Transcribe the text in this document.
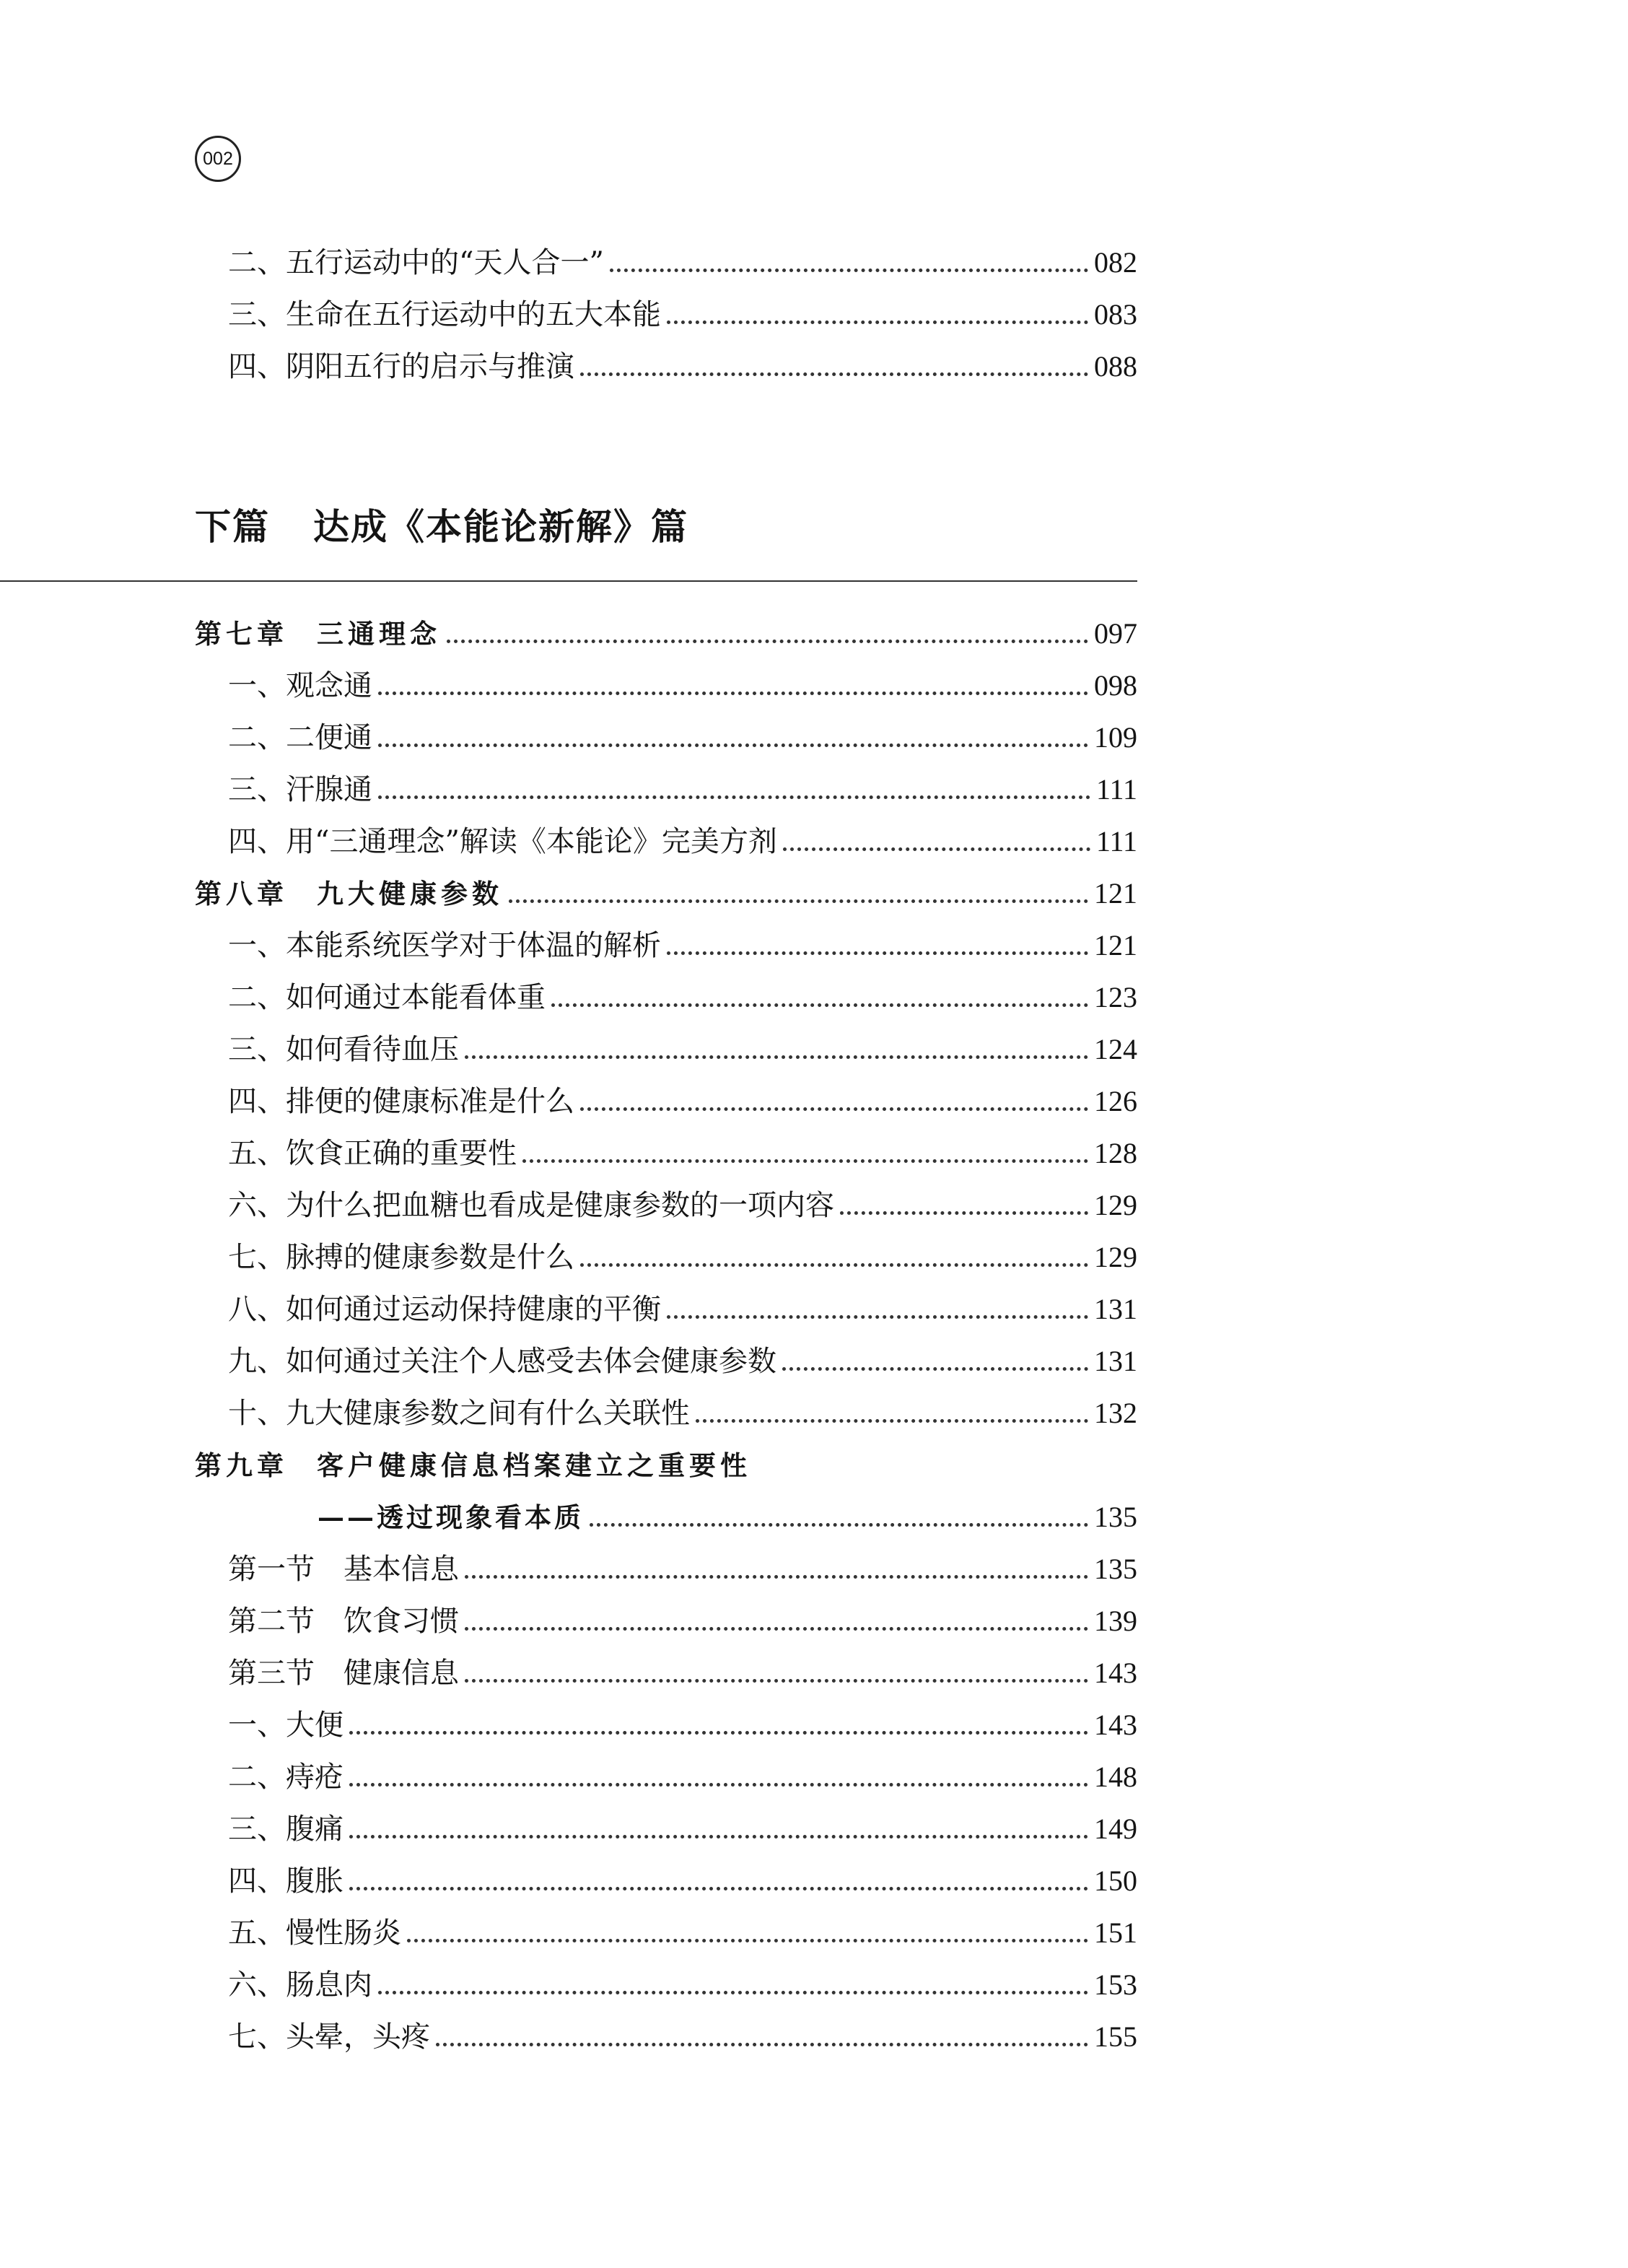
002
二、五行运动中的“天人合一”	082
三、生命在五行运动中的五大本能	083
四、阴阳五行的启示与推演	088
下篇 达成《本能论新解》篇
第七章 三通理念	097
一、观念通	098
二、二便通	109
三、汗腺通	111
四、用“三通理念”解读《本能论》完美方剂	111
第八章 九大健康参数	121
一、本能系统医学对于体温的解析	121
二、如何通过本能看体重	123
三、如何看待血压	124
四、排便的健康标准是什么	126
五、饮食正确的重要性	128
六、为什么把血糖也看成是健康参数的一项内容	129
七、脉搏的健康参数是什么	129
八、如何通过运动保持健康的平衡	131
九、如何通过关注个人感受去体会健康参数	131
十、九大健康参数之间有什么关联性	132
第九章 客户健康信息档案建立之重要性
——透过现象看本质	135
第一节 基本信息	135
第二节 饮食习惯	139
第三节 健康信息	143
一、大便	143
二、痔疮	148
三、腹痛	149
四、腹胀	150
五、慢性肠炎	151
六、肠息肉	153
七、头晕，头疼	155
